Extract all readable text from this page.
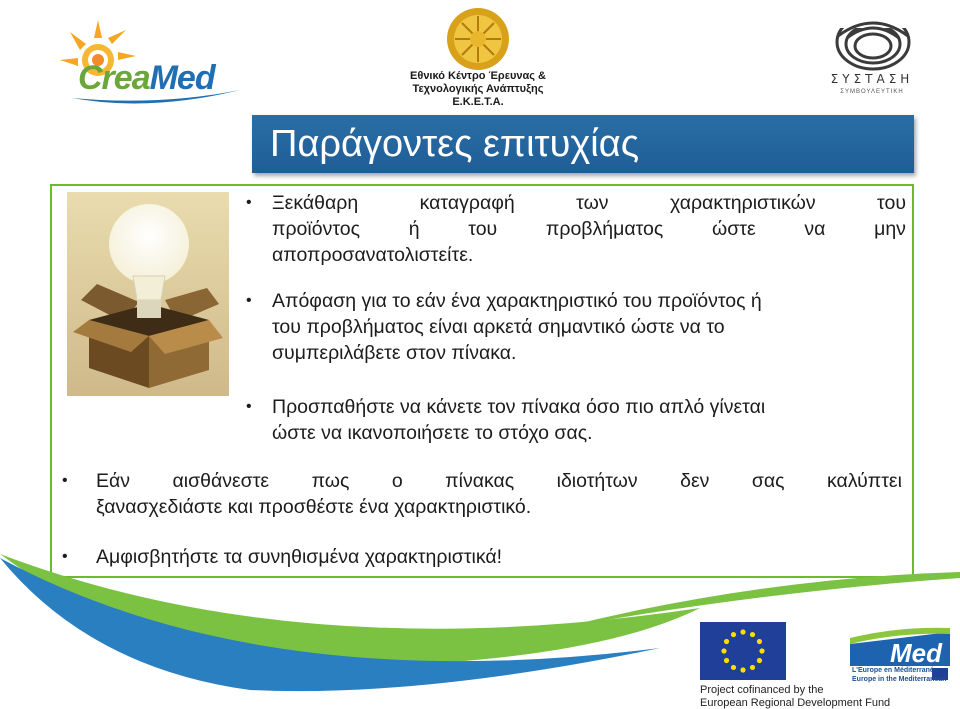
CreaMed	Εθνικό Κέντρο Έρευνας &
Τεχνολογικής Ανάπτυξης
Ε.Κ.Ε.Τ.Α.
ΣΥΣΤΑΣΗ
ΣΥΜΒΟΥΛΕΥΤΙΚΗ
Παράγοντες επιτυχίας
• Ξεκάθαρη	καταγραφή	των	χαρακτηριστικών	του
προϊόντος ή του προβλήματος ώστε να μην
αποπροσανατολιστείτε.
• Απόφαση για το εάν ένα χαρακτηριστικό του προϊόντος ή
του προβλήματος είναι αρκετά σημαντικό ώστε να το
συμπεριλάβετε στον πίνακα.
• Προσπαθήστε να κάνετε τον πίνακα όσο πιο απλό γίνεται
ώστε να ικανοποιήσετε το στόχο σας.
• Εάν αισθάνεστε πως ο πίνακας ιδιοτήτων δεν σας καλύπτει
ξανασχεδιάστε και προσθέστε ένα χαρακτηριστικό.
• Αμφισβητήστε τα συνηθισμένα χαρακτηριστικά!
Med
L'Europe en Méditerranée
Europe in the Mediterranean
Project cofinanced by the
European Regional Development Fund
